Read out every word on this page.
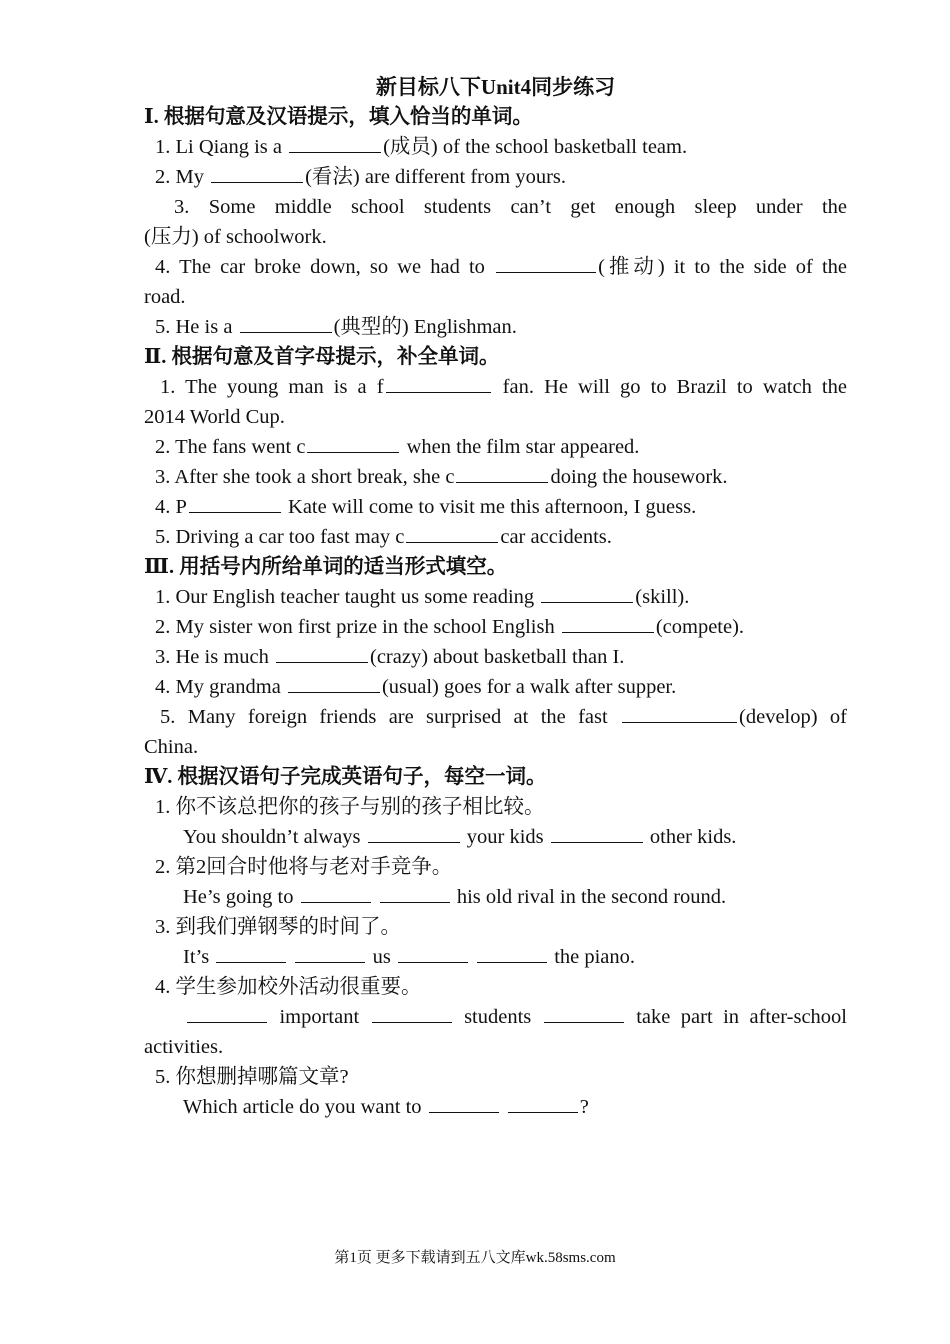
新目标八下Unit4同步练习
Ⅰ. 根据句意及汉语提示，填入恰当的单词。
1. Li Qiang is a	(成员) of the school basketball team.
2. My	(看法) are different from yours.
3. Some middle school students can’t get enough sleep under the
(压力) of schoolwork.
4. The car broke down, so we had to	(推动) it to the side of the
road.
5. He is a	(典型的) Englishman.
Ⅱ. 根据句意及首字母提示，补全单词。
1. The young man is a f	fan. He will go to Brazil to watch the
2014 World Cup.
2. The fans went c	when the film star appeared.
3. After she took a short break, she c	doing the housework.
4. P	Kate will come to visit me this afternoon, I guess.
5. Driving a car too fast may c	car accidents.
Ⅲ. 用括号内所给单词的适当形式填空。
1. Our English teacher taught us some reading	(skill).
2. My sister won first prize in the school English	(compete).
3. He is much	(crazy) about basketball than I.
4. My grandma	(usual) goes for a walk after supper.
5. Many foreign friends are surprised at the fast	(develop) of
China.
Ⅳ. 根据汉语句子完成英语句子，每空一词。
1. 你不该总把你的孩子与别的孩子相比较。
You shouldn’t always	your kids	other kids.
2. 第2回合时他将与老对手竞争。
He’s going to	his old rival in the second round.
3. 到我们弹钢琴的时间了。
It’s	us	the piano.
4. 学生参加校外活动很重要。
important	students	take part in after-school
activities.
5. 你想删掉哪篇文章?
Which article do you want to	?
第1页 更多下载请到五八文库wk.58sms.com
